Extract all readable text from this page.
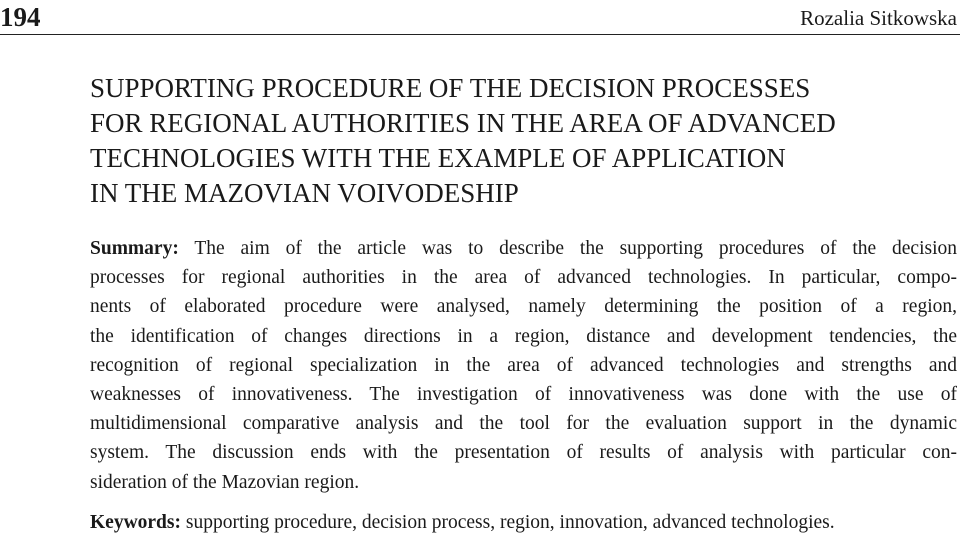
194	Rozalia Sitkowska
SUPPORTING PROCEDURE OF THE DECISION PROCESSES
FOR REGIONAL AUTHORITIES IN THE AREA OF ADVANCED
TECHNOLOGIES WITH THE EXAMPLE OF APPLICATION
IN THE MAZOVIAN VOIVODESHIP
Summary: The aim of the article was to describe the supporting procedures of the decision
processes for regional authorities in the area of advanced technologies. In particular, compo-
nents of elaborated procedure were analysed, namely determining the position of a region,
the identification of changes directions in a region, distance and development tendencies, the
recognition of regional specialization in the area of advanced technologies and strengths and
weaknesses of innovativeness. The investigation of innovativeness was done with the use of
multidimensional comparative analysis and the tool for the evaluation support in the dynamic
system. The discussion ends with the presentation of results of analysis with particular con-
sideration of the Mazovian region.

Keywords: supporting procedure, decision process, region, innovation, advanced technologies.
